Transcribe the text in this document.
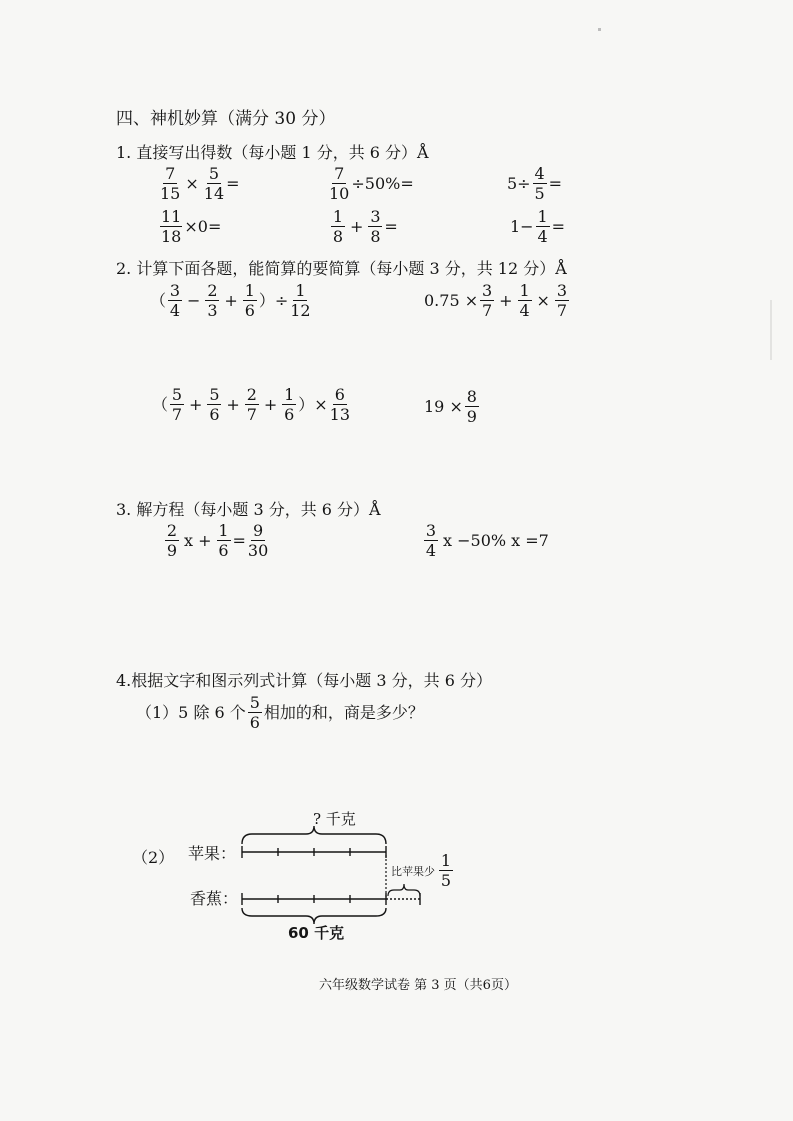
四、神机妙算（满分 30 分）
1. 直接写出得数（每小题 1 分，共 6 分）Å
$\frac{7}{15} \times \frac{5}{14}$ =	$\frac{7}{10} \div 50\%=$	$5\div \frac{4}{5}$ =
$\frac{11}{18} \times 0=$	$\frac{1}{8} + \frac{3}{8}$ =	$1- \frac{1}{4}$ =
2. 计算下面各题，能简算的要简算（每小题 3 分，共 12 分）Å
（ $\frac{3}{4} - \frac{2}{3} + \frac{1}{6}$ ）÷ $\frac{1}{12}$	$0.75 \times \frac{3}{7} + \frac{1}{4} \times \frac{3}{7}$
（ $\frac{5}{7} + \frac{5}{6} + \frac{2}{7} + \frac{1}{6}$ ）× $\frac{6}{13}$	$19 \times \frac{8}{9}$
3. 解方程（每小题 3 分，共 6 分）Å
$\frac{2}{9}$ $x + \frac{1}{6} = \frac{9}{30}$	$\frac{3}{4}$ x −50% x =7
4.根据文字和图示列式计算（每小题 3 分，共 6 分）
（1）5 除 6 个 $\frac{5}{6}$ 相加的和，商是多少？
（2） 苹果：
香蕉：
? 千克
60 千克
比苹果少 $\frac{1}{5}$
六年级数学试卷 第 3 页（共6页）
